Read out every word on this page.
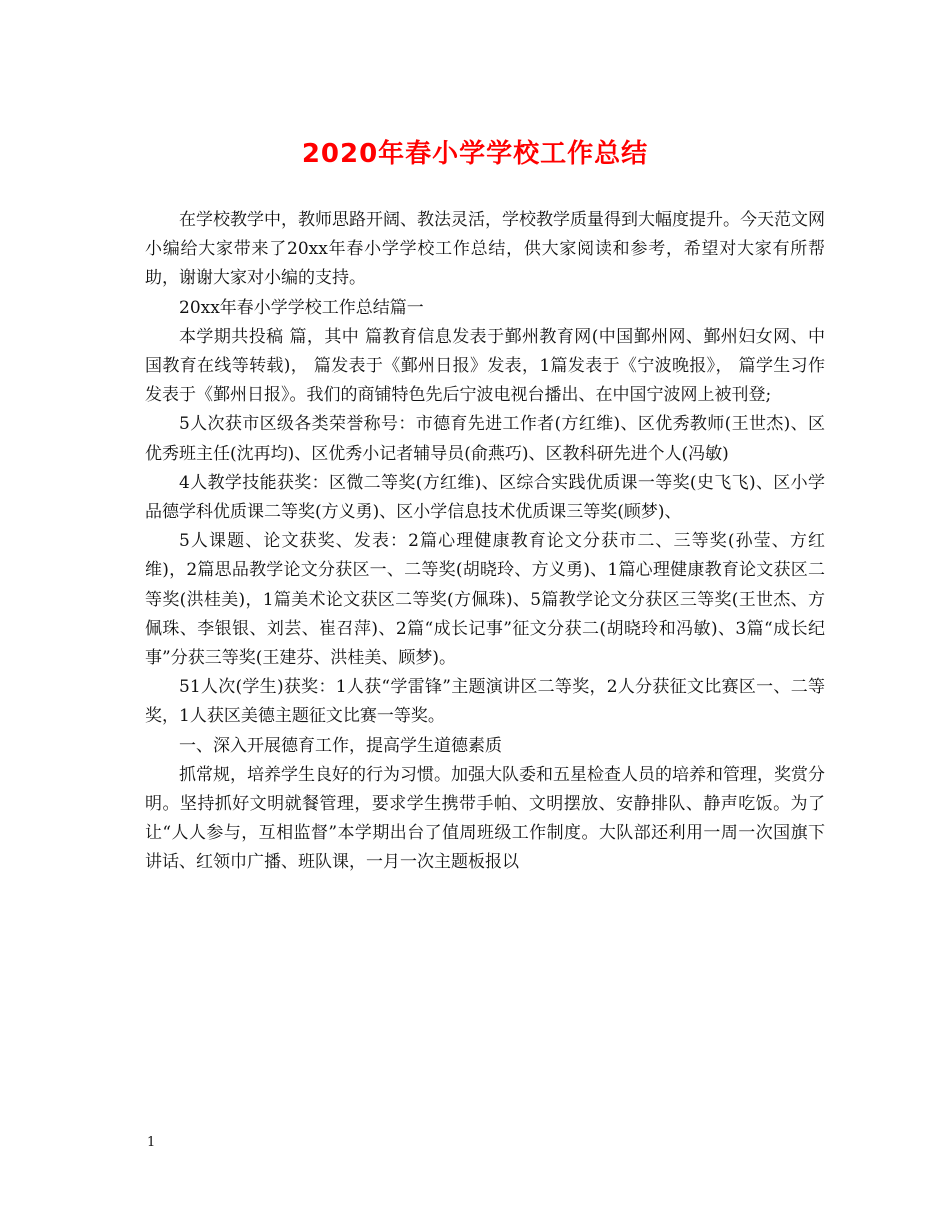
2020年春小学学校工作总结

在学校教学中，教师思路开阔、教法灵活，学校教学质量得到大幅度提升。今天范文网小编给大家带来了20xx年春小学学校工作总结，供大家阅读和参考，希望对大家有所帮助，谢谢大家对小编的支持。

20xx年春小学学校工作总结篇一

本学期共投稿 篇，其中 篇教育信息发表于鄞州教育网(中国鄞州网、鄞州妇女网、中国教育在线等转载)， 篇发表于《鄞州日报》发表，1篇发表于《宁波晚报》， 篇学生习作发表于《鄞州日报》。我们的商铺特色先后宁波电视台播出、在中国宁波网上被刊登;

5人次获市区级各类荣誉称号：市德育先进工作者(方红维)、区优秀教师(王世杰)、区优秀班主任(沈再均)、区优秀小记者辅导员(俞燕巧)、区教科研先进个人(冯敏)

4人教学技能获奖：区微二等奖(方红维)、区综合实践优质课一等奖(史飞飞)、区小学品德学科优质课二等奖(方义勇)、区小学信息技术优质课三等奖(顾梦)、

5人课题、论文获奖、发表：2篇心理健康教育论文分获市二、三等奖(孙莹、方红维)，2篇思品教学论文分获区一、二等奖(胡晓玲、方义勇)、1篇心理健康教育论文获区二等奖(洪桂美)，1篇美术论文获区二等奖(方佩珠)、5篇教学论文分获区三等奖(王世杰、方佩珠、李银银、刘芸、崔召萍)、2篇“成长记事”征文分获二(胡晓玲和冯敏)、3篇“成长纪事”分获三等奖(王建芬、洪桂美、顾梦)。

51人次(学生)获奖：1人获“学雷锋”主题演讲区二等奖，2人分获征文比赛区一、二等奖，1人获区美德主题征文比赛一等奖。

一、深入开展德育工作，提高学生道德素质

抓常规，培养学生良好的行为习惯。加强大队委和五星检查人员的培养和管理，奖赏分明。坚持抓好文明就餐管理，要求学生携带手帕、文明摆放、安静排队、静声吃饭。为了让“人人参与，互相监督”本学期出台了值周班级工作制度。大队部还利用一周一次国旗下讲话、红领巾广播、班队课，一月一次主题板报以

1
